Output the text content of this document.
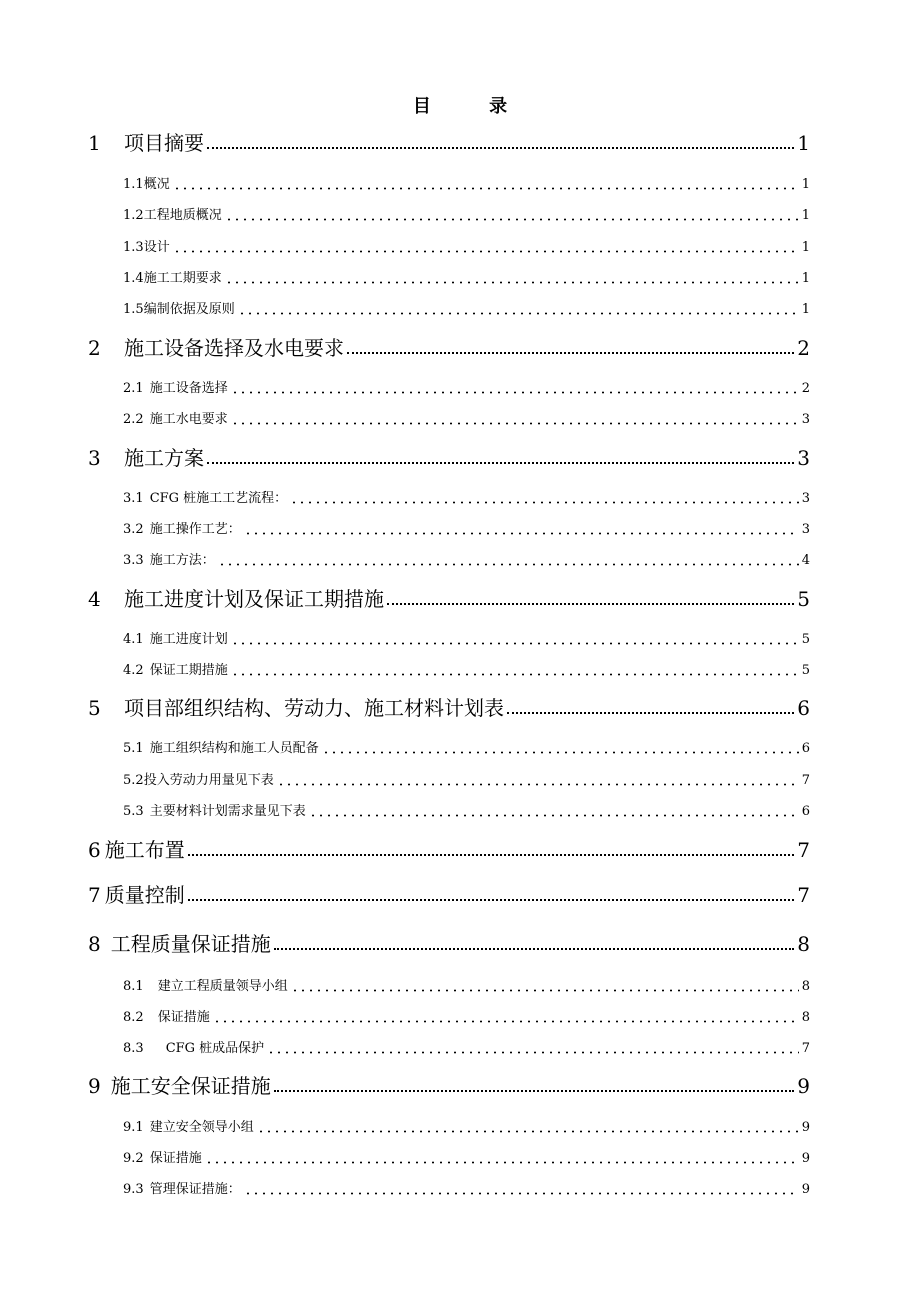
目 录
1 项目摘要	1
1.1概况	1
1.2工程地质概况	1
1.3设计	1
1.4施工工期要求	1
1.5编制依据及原则	1
2 施工设备选择及水电要求	2
2.1 施工设备选择	2
2.2 施工水电要求	3
3 施工方案	3
3.1 CFG 桩施工工艺流程：	3
3.2 施工操作工艺：	3
3.3 施工方法：	4
4 施工进度计划及保证工期措施	5
4.1 施工进度计划	5
4.2 保证工期措施	5
5 项目部组织结构、劳动力、施工材料计划表	6
5.1 施工组织结构和施工人员配备	6
5.2投入劳动力用量见下表	7
5.3 主要材料计划需求量见下表	6
6 施工布置	7
7 质量控制	7
8 工程质量保证措施	8
8.1 建立工程质量领导小组	8
8.2 保证措施	8
8.3 CFG 桩成品保护	7
9 施工安全保证措施	9
9.1 建立安全领导小组	9
9.2 保证措施	9
9.3 管理保证措施：	9
